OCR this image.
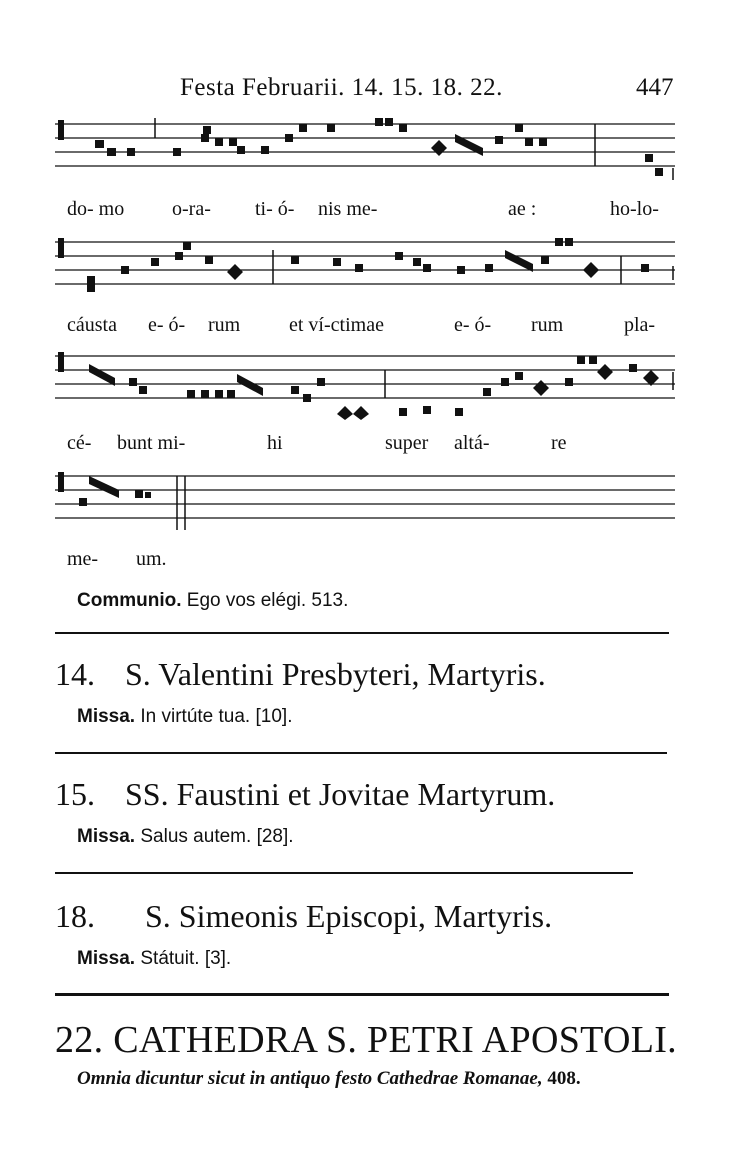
Festa Februarii. 14. 15. 18. 22.	447
do- mo o-ra- ti- ó- nis me-	ae :	ho-lo-
cáusta e- ó- rum et ví-ctimae	e- ó- rum	pla-
cé- bunt mi-	hi	super altá-	re
me- um.
Communio. Ego vos elégi. 513.
14. S. Valentini Presbyteri, Martyris.
Missa. In virtúte tua. [10].
15. SS. Faustini et Jovitae Martyrum.
Missa. Salus autem. [28].
18. S. Simeonis Episcopi, Martyris.
Missa. Státuit. [3].
22. CATHEDRA S. PETRI APOSTOLI.
Omnia dicuntur sicut in antiquo festo Cathedrae Romanae, 408.
